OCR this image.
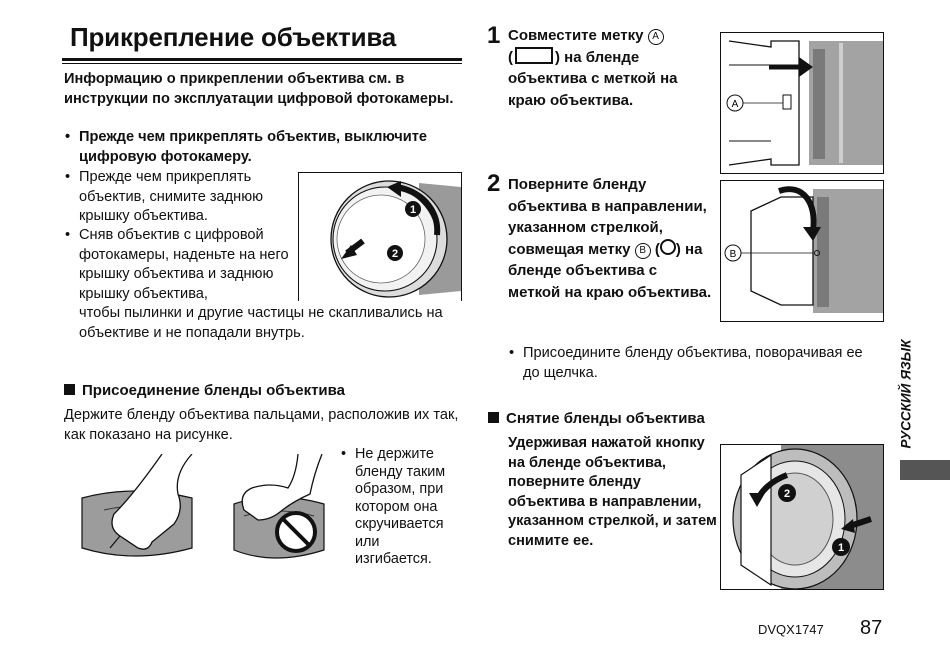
Прикрепление объектива
Информацию о прикреплении объектива см. в инструкции по эксплуатации цифровой фотокамеры.
• Прежде чем прикреплять объектив, выключите цифровую фотокамеру.
• Прежде чем прикреплять объектив, снимите заднюю крышку объектива.
• Сняв объектив с цифровой фотокамеры, наденьте на него крышку объектива и заднюю крышку объектива,
чтобы пылинки и другие частицы не скапливались на объективе и не попадали внутрь.
1
2
Присоединение бленды объектива
Держите бленду объектива пальцами, расположив их так, как показано на рисунке.
• Не держите бленду таким образом, при котором она скручивается или изгибается.
1 Совместите метку A
(	) на бленде объектива с меткой на краю объектива.	A
2 Поверните бленду объектива в направлении, указанном стрелкой, совмещая метку B ( ) на бленде объектива с меткой на краю объектива.
B
• Присоедините бленду объектива, поворачивая ее до щелчка.
Снятие бленды объектива
Удерживая нажатой кнопку на бленде объектива, поверните бленду объектива в направлении, указанном стрелкой, и затем снимите ее.
2
1
РУССКИЙ ЯЗЫК
DVQX1747 87
